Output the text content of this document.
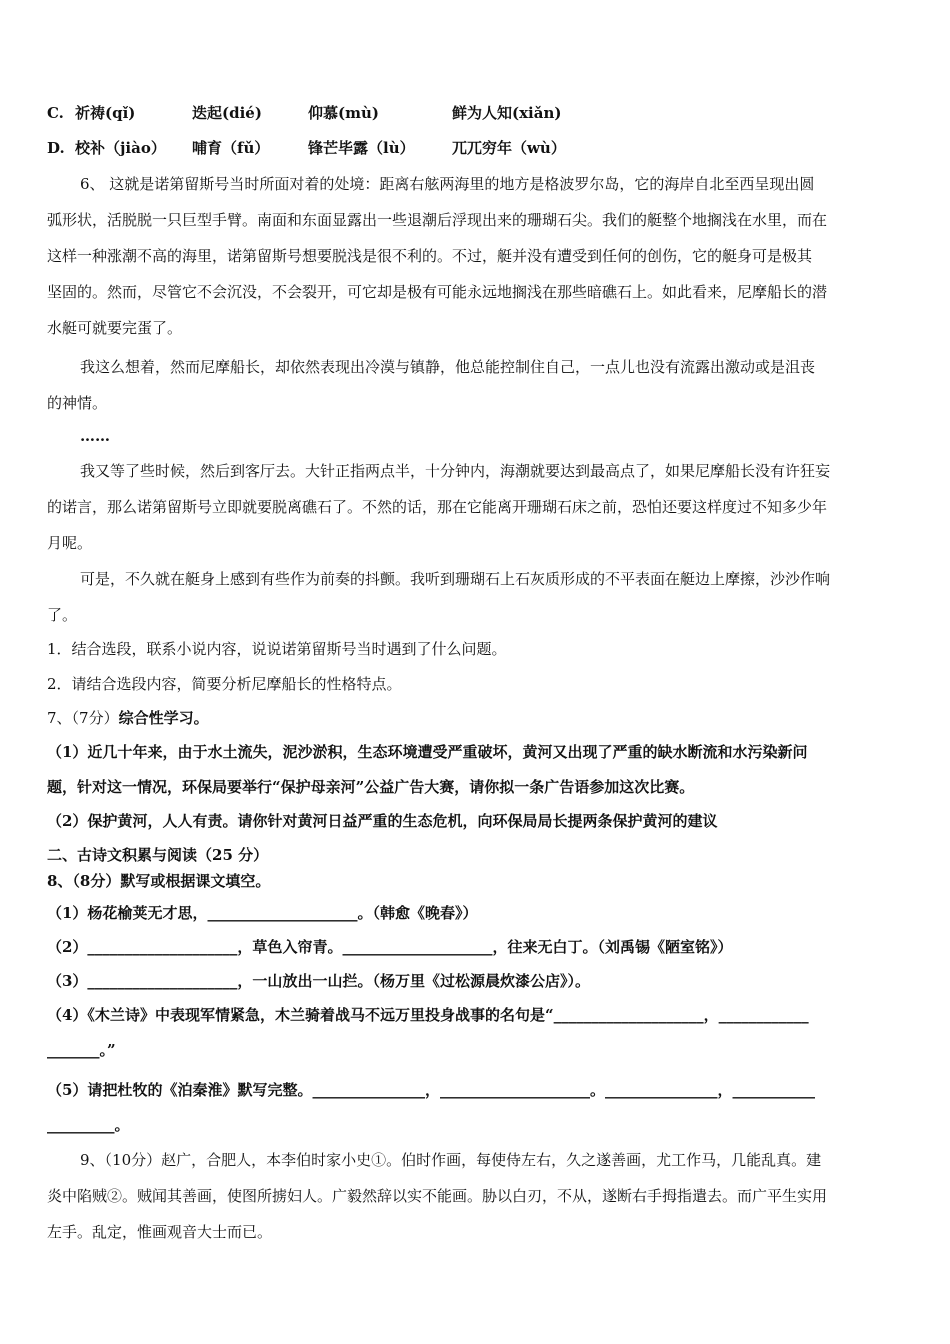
C. 祈祷(qǐ)	迭起(dié)	仰慕(mù)	鲜为人知(xiǎn)
D. 校补（jiào） 哺育（fǔ）	锋芒毕露（lù） 兀兀穷年（wù）
6、 这就是诺第留斯号当时所面对着的处境：距离右舷两海里的地方是格波罗尔岛，它的海岸自北至西呈现出圆
弧形状，活脱脱一只巨型手臂。南面和东面显露出一些退潮后浮现出来的珊瑚石尖。我们的艇整个地搁浅在水里，而在
这样一种涨潮不高的海里，诺第留斯号想要脱浅是很不利的。不过，艇并没有遭受到任何的创伤，它的艇身可是极其
坚固的。然而，尽管它不会沉没，不会裂开，可它却是极有可能永远地搁浅在那些暗礁石上。如此看来，尼摩船长的潜
水艇可就要完蛋了。
我这么想着，然而尼摩船长，却依然表现出冷漠与镇静，他总能控制住自己，一点儿也没有流露出激动或是沮丧
的神情。
……
我又等了些时候，然后到客厅去。大针正指两点半，十分钟内，海潮就要达到最高点了，如果尼摩船长没有许狂妄
的诺言，那么诺第留斯号立即就要脱离礁石了。不然的话，那在它能离开珊瑚石床之前，恐怕还要这样度过不知多少年
月呢。
可是，不久就在艇身上感到有些作为前奏的抖颤。我听到珊瑚石上石灰质形成的不平表面在艇边上摩擦，沙沙作响
了。
1．结合选段，联系小说内容，说说诺第留斯号当时遇到了什么问题。
2．请结合选段内容，简要分析尼摩船长的性格特点。
7、（7分）综合性学习。
（1）近几十年来，由于水土流失，泥沙淤积，生态环境遭受严重破坏，黄河又出现了严重的缺水断流和水污染新问
题，针对这一情况，环保局要举行“保护母亲河”公益广告大赛，请你拟一条广告语参加这次比赛。
（2）保护黄河，人人有责。请你针对黄河日益严重的生态危机，向环保局局长提两条保护黄河的建议
二、古诗文积累与阅读（25 分）
8、（8分）默写或根据课文填空。
（1）杨花榆荚无才思，____________________。（韩愈《晚春》）
（2）____________________，草色入帘青。____________________，往来无白丁。（刘禹锡《陋室铭》）
（3）____________________，一山放出一山拦。（杨万里《过松源晨炊漆公店》）。
（4）《木兰诗》中表现军情紧急，木兰骑着战马不远万里投身战事的名句是“____________________，____________
_______。”
（5）请把杜牧的《泊秦淮》默写完整。_______________，____________________。_______________，___________
_________。
9、（10分）赵广，合肥人，本李伯时家小史①。伯时作画，每使侍左右，久之遂善画，尤工作马，几能乱真。建
炎中陷贼②。贼闻其善画，使图所掳妇人。广毅然辞以实不能画。胁以白刃，不从，遂断右手拇指遣去。而广平生实用
左手。乱定，惟画观音大士而已。
